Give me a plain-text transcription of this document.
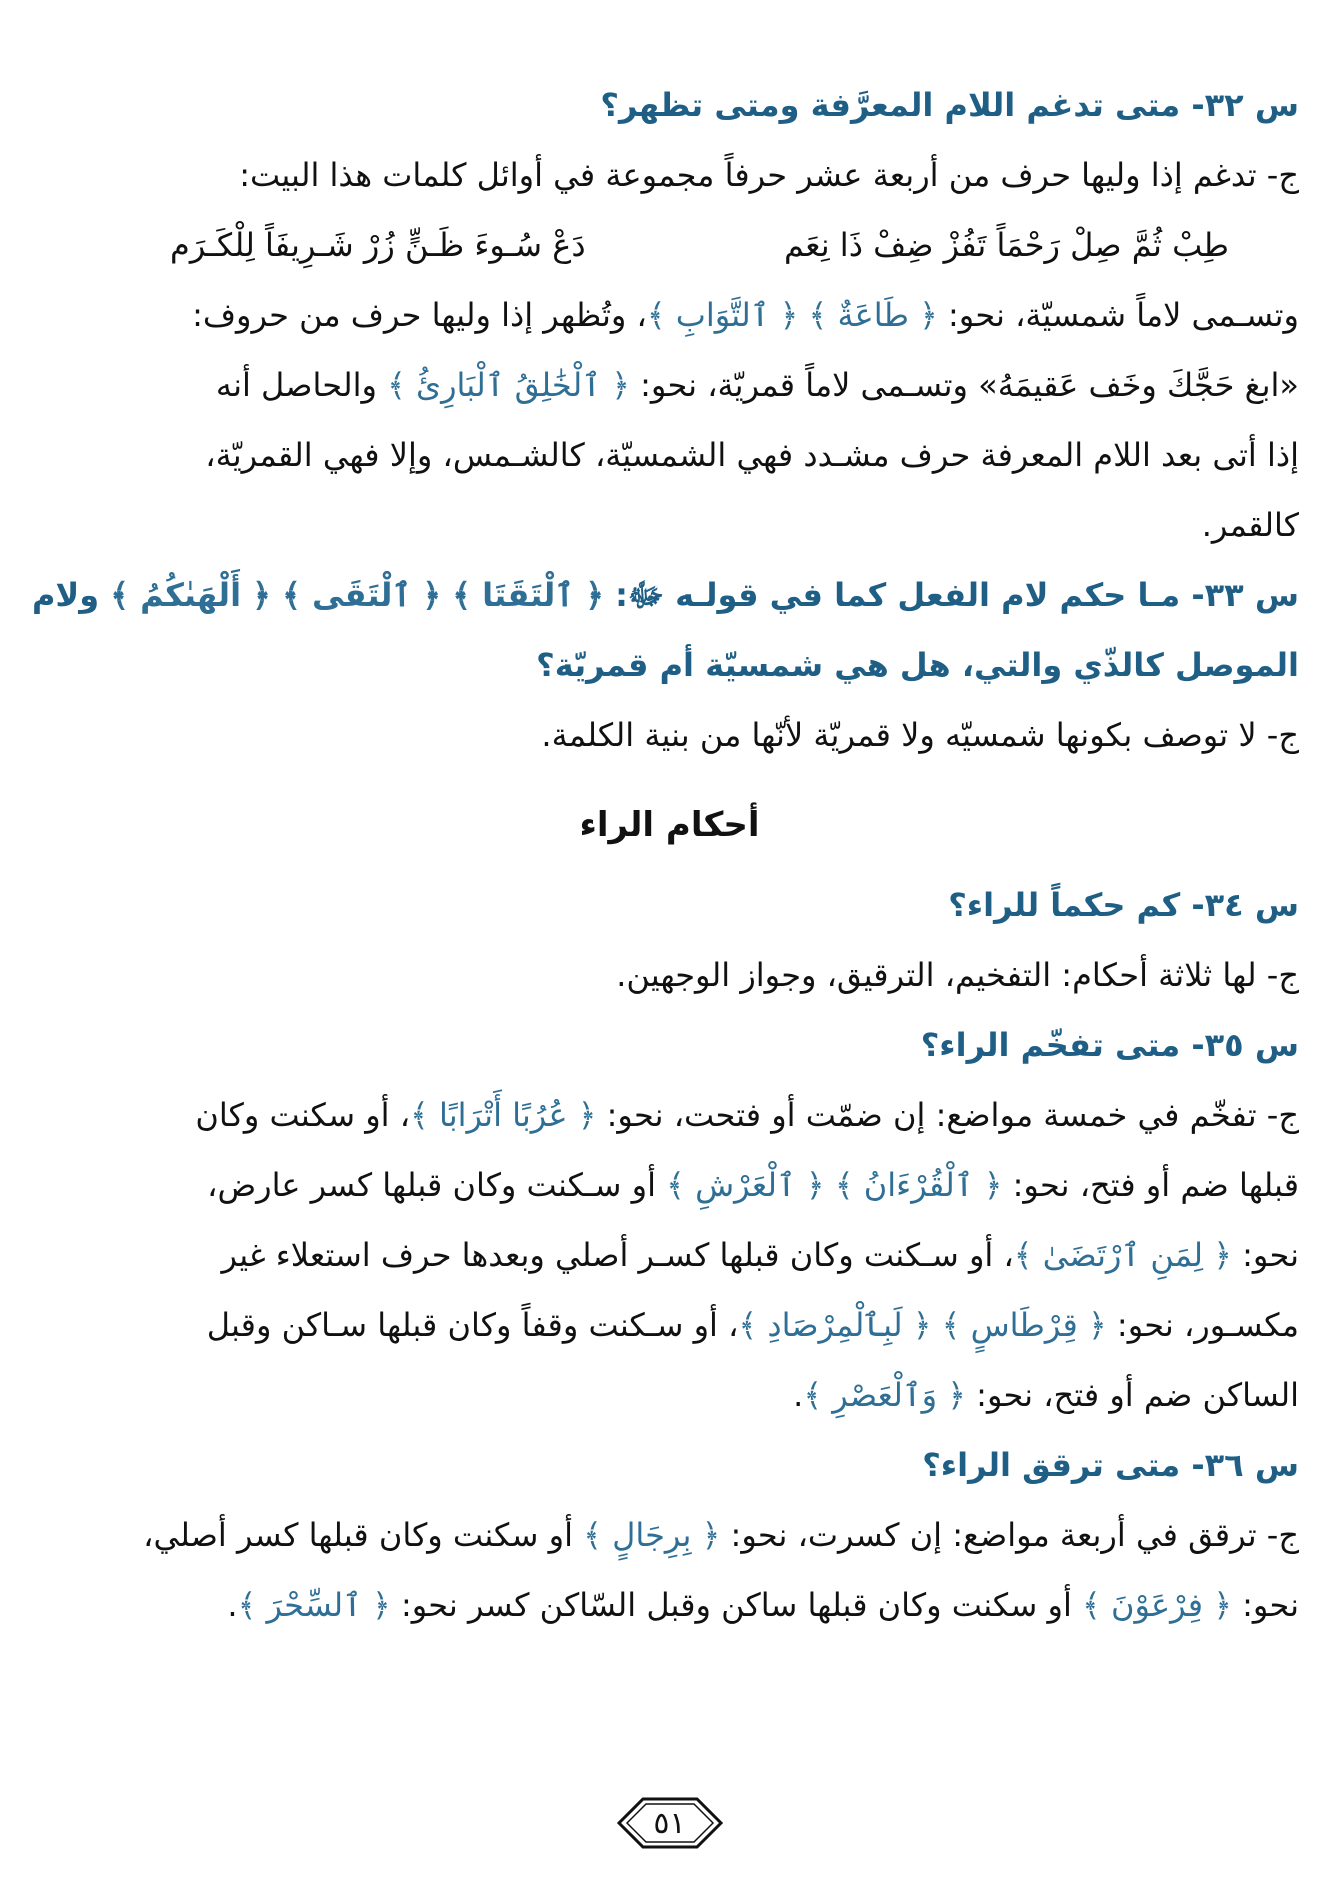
س ٣٢- متى تدغم اللام المعرَّفة ومتى تظهر؟
ج- تدغم إذا وليها حرف من أربعة عشر حرفاً مجموعة في أوائل كلمات هذا البيت:
طِبْ ثُمَّ صِلْ رَحْمَاً تَفُزْ ضِفْ ذَا نِعَم
دَعْ سُـوءَ ظَـنٍّ زُرْ شَـرِيفَاً لِلْكَـرَم
وتسـمى لاماً شمسيّة، نحو: ﴿ طَاعَةٌ ﴾ ﴿ ٱلتَّوَابِ ﴾، وتُظهر إذا وليها حرف من حروف:
«ابغ حَجَّكَ وخَف عَقيمَهُ» وتسـمى لاماً قمريّة، نحو: ﴿ ٱلْخَٰلِقُ ٱلْبَارِئُ ﴾ والحاصل أنه
إذا أتى بعد اللام المعرفة حرف مشـدد فهي الشمسيّة، كالشـمس، وإلا فهي القمريّة،
كالقمر.
س ٣٣- مـا حكم لام الفعل كما في قولـه ﷻ: ﴿ ٱلْتَقَتَا ﴾ ﴿ ٱلْتَقَى ﴾ ﴿ أَلْهَىٰكُمُ ﴾ ولام
الموصل كالذّي والتي، هل هي شمسيّة أم قمريّة؟
ج- لا توصف بكونها شمسيّه ولا قمريّة لأنّها من بنية الكلمة.
أحكام الراء
س ٣٤- كم حكماً للراء؟
ج- لها ثلاثة أحكام: التفخيم، الترقيق، وجواز الوجهين.
س ٣٥- متى تفخّم الراء؟
ج- تفخّم في خمسة مواضع: إن ضمّت أو فتحت، نحو: ﴿ عُرُبًا أَتْرَابًا ﴾، أو سكنت وكان
قبلها ضم أو فتح، نحو: ﴿ ٱلْقُرْءَانُ ﴾ ﴿ ٱلْعَرْشِ ﴾ أو سـكنت وكان قبلها كسر عارض،
نحو: ﴿ لِمَنِ ٱرْتَضَىٰ ﴾، أو سـكنت وكان قبلها كسـر أصلي وبعدها حرف استعلاء غير
مكسـور، نحو: ﴿ قِرْطَاسٍ ﴾ ﴿ لَبِٱلْمِرْصَادِ ﴾، أو سـكنت وقفاً وكان قبلها سـاكن وقبل
الساكن ضم أو فتح، نحو: ﴿ وَٱلْعَصْرِ ﴾.
س ٣٦- متى ترقق الراء؟
ج- ترقق في أربعة مواضع: إن كسرت، نحو: ﴿ بِرِجَالٍ ﴾ أو سكنت وكان قبلها كسر أصلي،
نحو: ﴿ فِرْعَوْنَ ﴾ أو سكنت وكان قبلها ساكن وقبل السّاكن كسر نحو: ﴿ ٱلسِّحْرَ ﴾.
٥١
